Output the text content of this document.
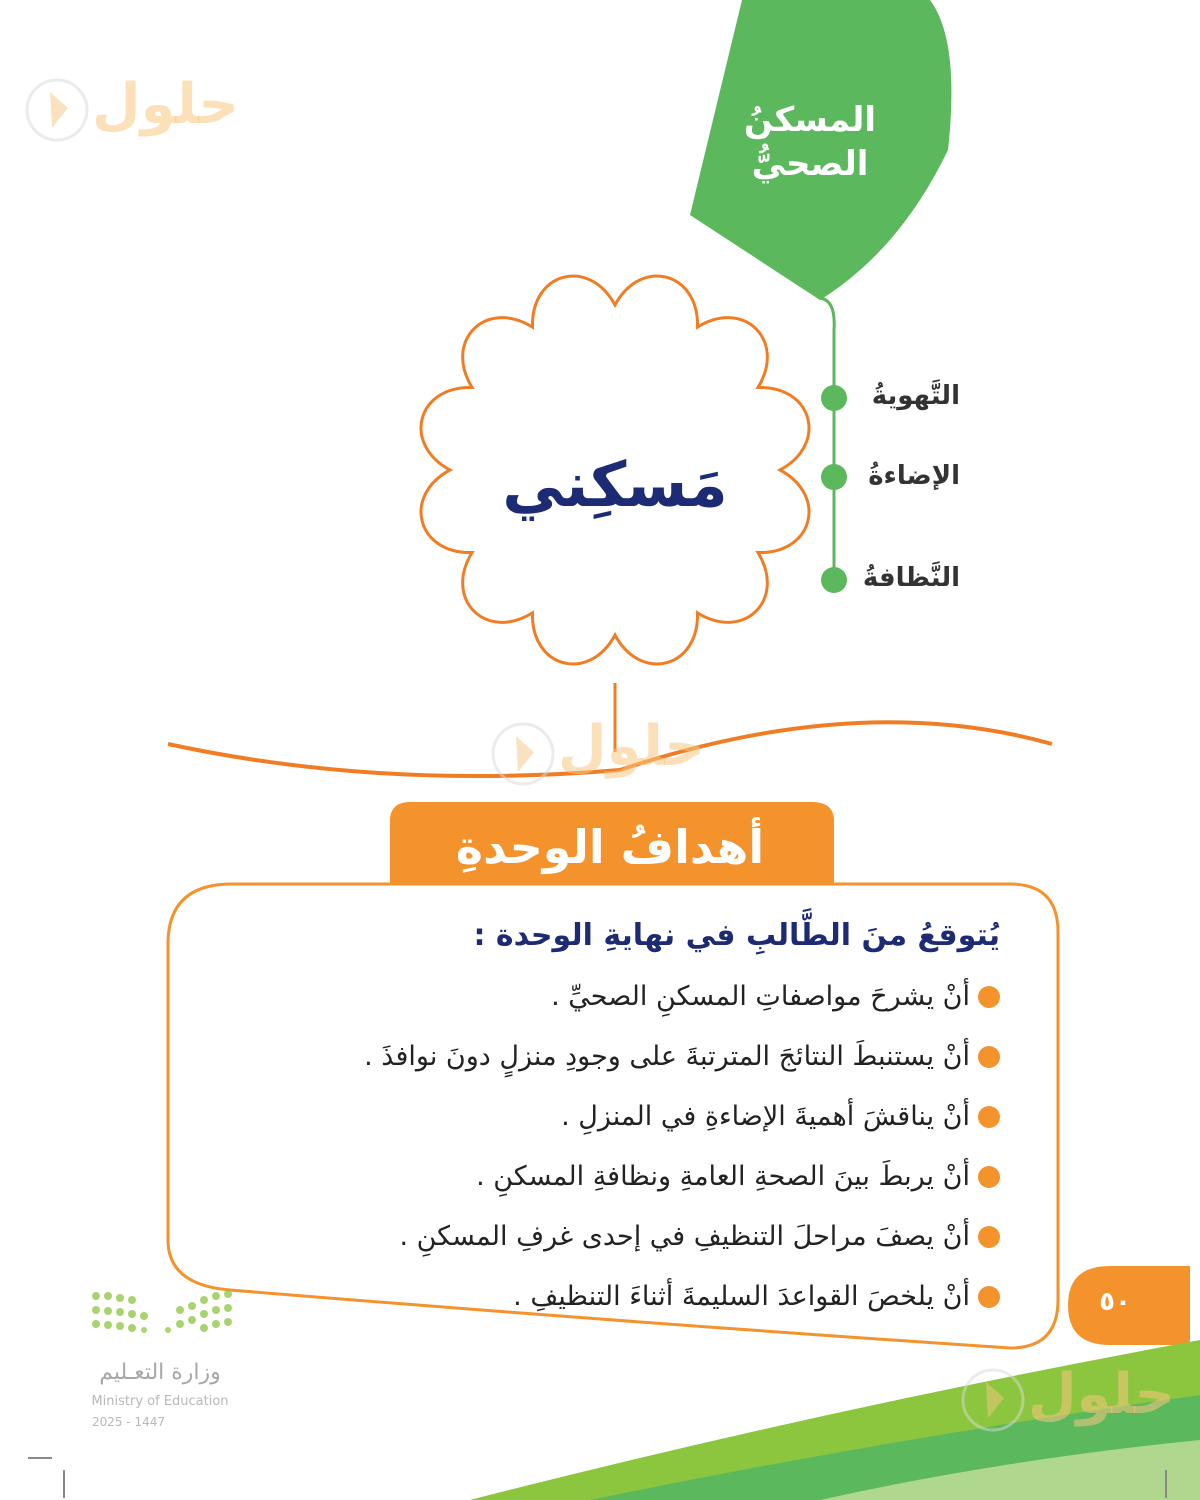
المسكنُ
الصحيُّ
التَّهويةُ
الإضاءةُ
النَّظافةُ
مَسكِني
أهدافُ الوحدةِ
يُتوقعُ منَ الطَّالبِ في نهايةِ الوحدة :
أنْ يشرحَ مواصفاتِ المسكنِ الصحيِّ .
أنْ يستنبطَ النتائجَ المترتبةَ على وجودِ منزلٍ دونَ نوافذَ .
أنْ يناقشَ أهميةَ الإضاءةِ في المنزلِ .
أنْ يربطَ بينَ الصحةِ العامةِ ونظافةِ المسكنِ .
أنْ يصفَ مراحلَ التنظيفِ في إحدى غرفِ المسكنِ .
أنْ يلخصَ القواعدَ السليمةَ أثناءَ التنظيفِ .	٥٠
وزارة التعـليم
Ministry of Education
2025 - 1447
حلول
حلول
حلول
